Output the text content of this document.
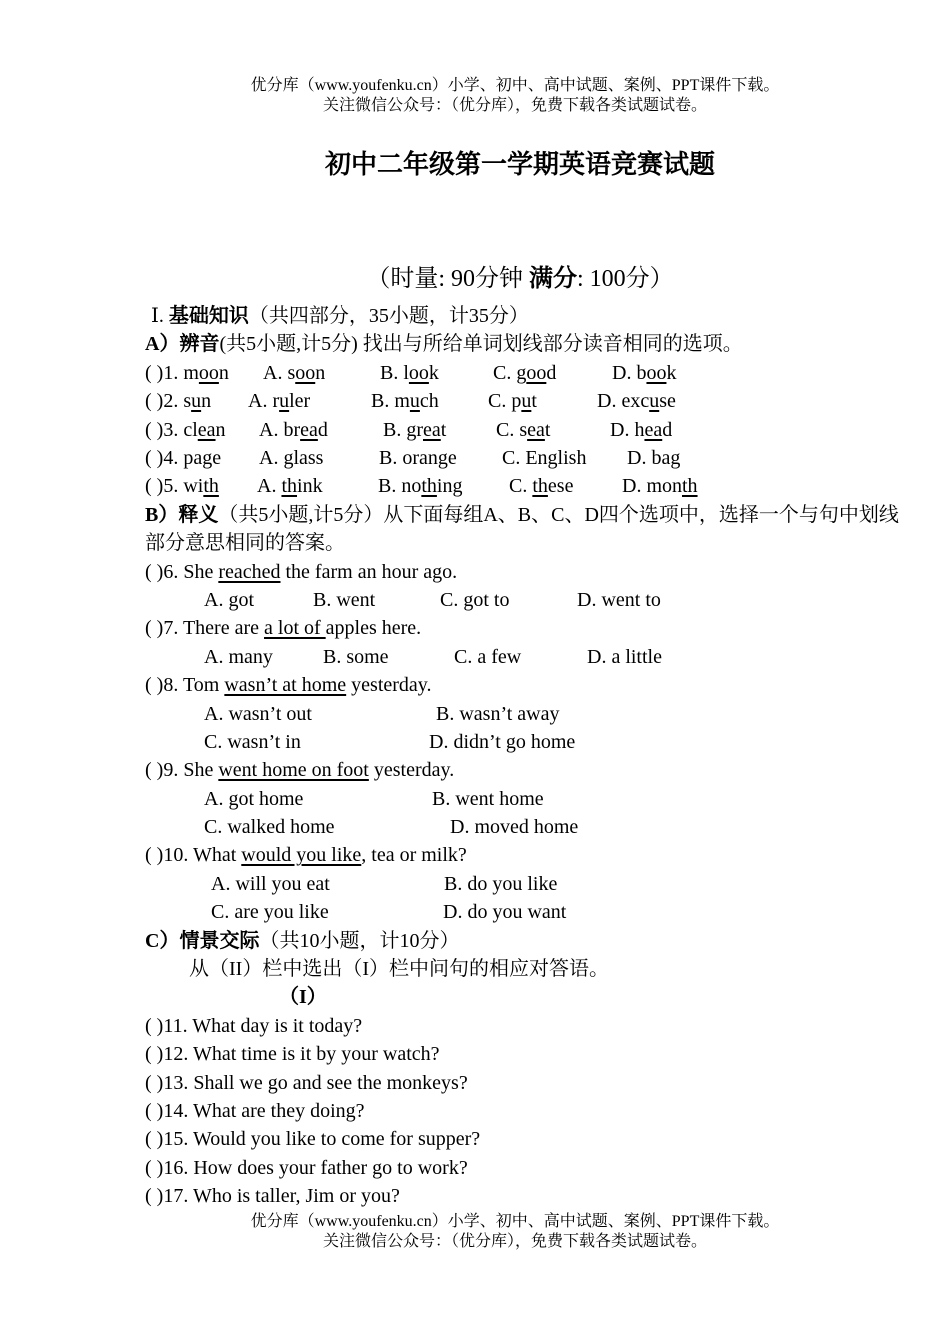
优分库（www.youfenku.cn）小学、初中、高中试题、案例、PPT课件下载。
关注微信公众号：（优分库），免费下载各类试题试卷。
初中二年级第一学期英语竞赛试题
（时量: 90分钟 满分: 100分）
Ⅰ. 基础知识（共四部分，35小题，计35分）
A）辨音(共5小题,计5分) 找出与所给单词划线部分读音相同的选项。
( )1. moon A. soon	B. look	C. good	D. book
( )2. sun A. ruler	B. much C. put	D. excuse
( )3. clean A. bread	B. great C. seat	D. head
( )4. page A. glass	B. orange C. English D. bag
( )5. with A. think	B. nothing C. these D. month
B）释义（共5小题,计5分）从下面每组A、B、C、D四个选项中，选择一个与句中划线部分意思相同的答案。
( )6. She reached the farm an hour ago.
A. got	B. went	C. got to	D. went to
( )7. There are a lot of apples here.
A. many	B. some	C. a few	D. a little
( )8. Tom wasn’t at home yesterday.
A. wasn’t out	B. wasn’t away
C. wasn’t in	D. didn’t go home
( )9. She went home on foot yesterday.
A. got home	B. went home
C. walked home	D. moved home
( )10. What would you like, tea or milk?
A. will you eat	B. do you like
C. are you like	D. do you want
C）情景交际（共10小题，计10分）
从（II）栏中选出（I）栏中问句的相应对答语。
（I）
( )11. What day is it today?
( )12. What time is it by your watch?
( )13. Shall we go and see the monkeys?
( )14. What are they doing?
( )15. Would you like to come for supper?
( )16. How does your father go to work?
( )17. Who is taller, Jim or you?
优分库（www.youfenku.cn）小学、初中、高中试题、案例、PPT课件下载。
关注微信公众号：（优分库），免费下载各类试题试卷。
